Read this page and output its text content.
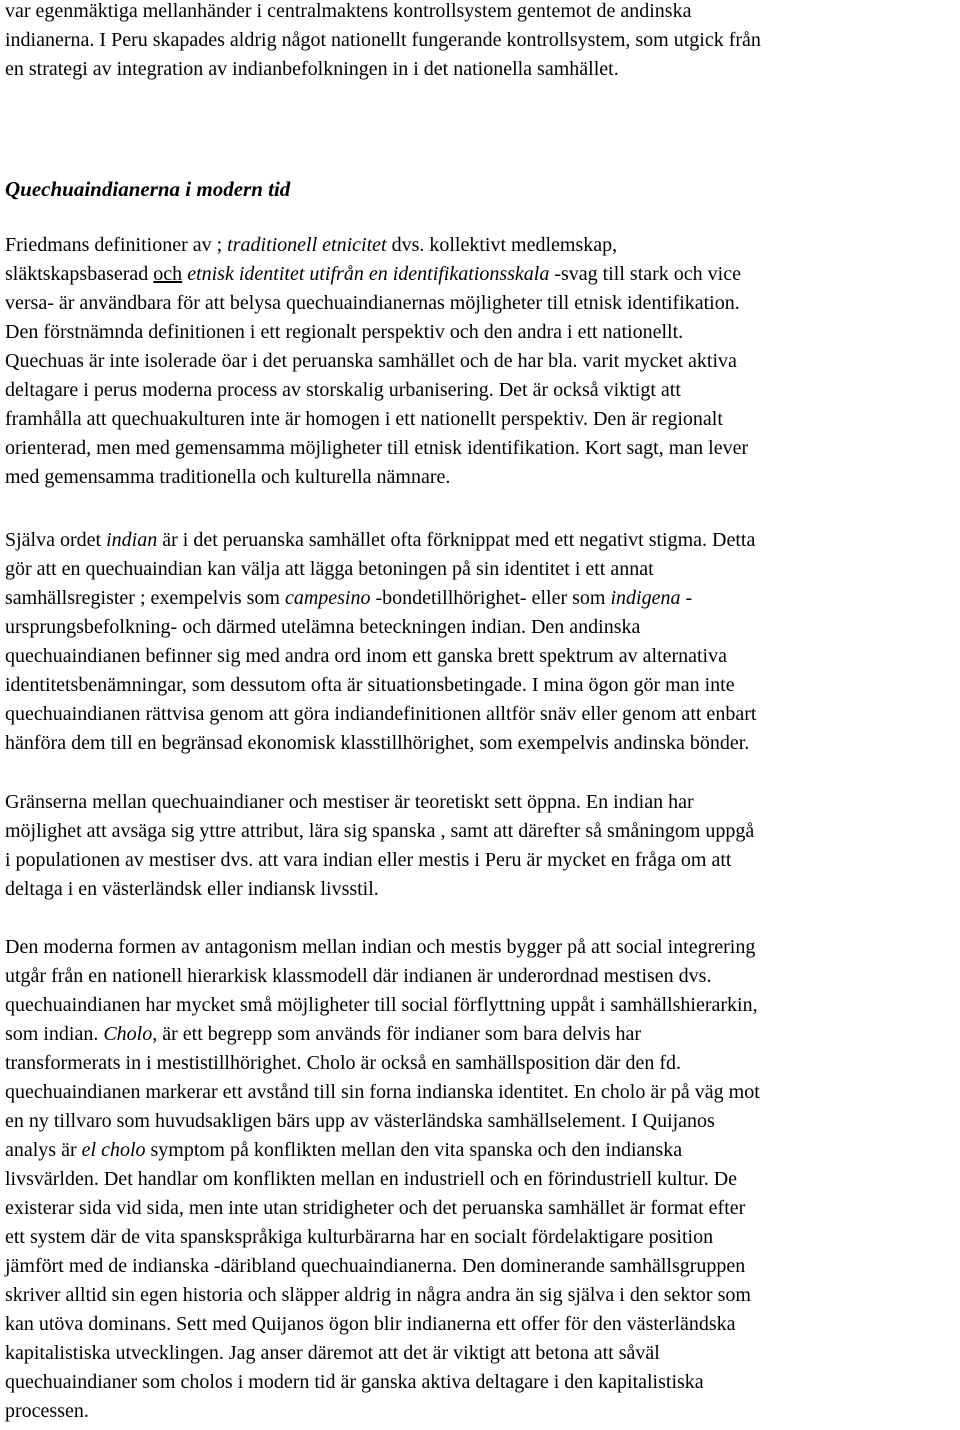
var egenmäktiga mellanhänder i centralmaktens kontrollsystem gentemot de andinska
indianerna. I Peru skapades aldrig något nationellt fungerande kontrollsystem, som utgick från
en strategi av integration av indianbefolkningen in i det nationella samhället.
Quechuaindianerna i modern tid
Friedmans definitioner av ; traditionell etnicitet dvs. kollektivt medlemskap,
släktskapsbaserad och etnisk identitet utifrån en identifikationsskala -svag till stark och vice
versa- är användbara för att belysa quechuaindianernas möjligheter till etnisk identifikation.
Den förstnämnda definitionen i ett regionalt perspektiv och den andra i ett nationellt.
Quechuas är inte isolerade öar i det peruanska samhället och de har bla. varit mycket aktiva
deltagare i perus moderna process av storskalig urbanisering. Det är också viktigt att
framhålla att quechuakulturen inte är homogen i ett nationellt perspektiv. Den är regionalt
orienterad, men med gemensamma möjligheter till etnisk identifikation. Kort sagt, man lever
med gemensamma traditionella och kulturella nämnare.
Själva ordet indian är i det peruanska samhället ofta förknippat med ett negativt stigma. Detta
gör att en quechuaindian kan välja att lägga betoningen på sin identitet i ett annat
samhällsregister ; exempelvis som campesino -bondetillhörighet- eller som indigena -
ursprungsbefolkning- och därmed utelämna beteckningen indian. Den andinska
quechuaindianen befinner sig med andra ord inom ett ganska brett spektrum av alternativa
identitetsbenämningar, som dessutom ofta är situationsbetingade. I mina ögon gör man inte
quechuaindianen rättvisa genom att göra indiandefinitionen alltför snäv eller genom att enbart
hänföra dem till en begränsad ekonomisk klasstillhörighet, som exempelvis andinska bönder.
Gränserna mellan quechuaindianer och mestiser är teoretiskt sett öppna. En indian har
möjlighet att avsäga sig yttre attribut, lära sig spanska , samt att därefter så småningom uppgå
i populationen av mestiser dvs. att vara indian eller mestis i Peru är mycket en fråga om att
deltaga i en västerländsk eller indiansk livsstil.
Den moderna formen av antagonism mellan indian och mestis bygger på att social integrering
utgår från en nationell hierarkisk klassmodell där indianen är underordnad mestisen dvs.
quechuaindianen har mycket små möjligheter till social förflyttning uppåt i samhällshierarkin,
som indian. Cholo, är ett begrepp som används för indianer som bara delvis har
transformerats in i mestistillhörighet. Cholo är också en samhällsposition där den fd.
quechuaindianen markerar ett avstånd till sin forna indianska identitet. En cholo är på väg mot
en ny tillvaro som huvudsakligen bärs upp av västerländska samhällselement. I Quijanos
analys är el cholo symptom på konflikten mellan den vita spanska och den indianska
livsvärlden. Det handlar om konflikten mellan en industriell och en förindustriell kultur. De
existerar sida vid sida, men inte utan stridigheter och det peruanska samhället är format efter
ett system där de vita spanskspråkiga kulturbärarna har en socialt fördelaktigare position
jämfört med de indianska -däribland quechuaindianerna. Den dominerande samhällsgruppen
skriver alltid sin egen historia och släpper aldrig in några andra än sig själva i den sektor som
kan utöva dominans. Sett med Quijanos ögon blir indianerna ett offer för den västerländska
kapitalistiska utvecklingen. Jag anser däremot att det är viktigt att betona att såväl
quechuaindianer som cholos i modern tid är ganska aktiva deltagare i den kapitalistiska
processen.
